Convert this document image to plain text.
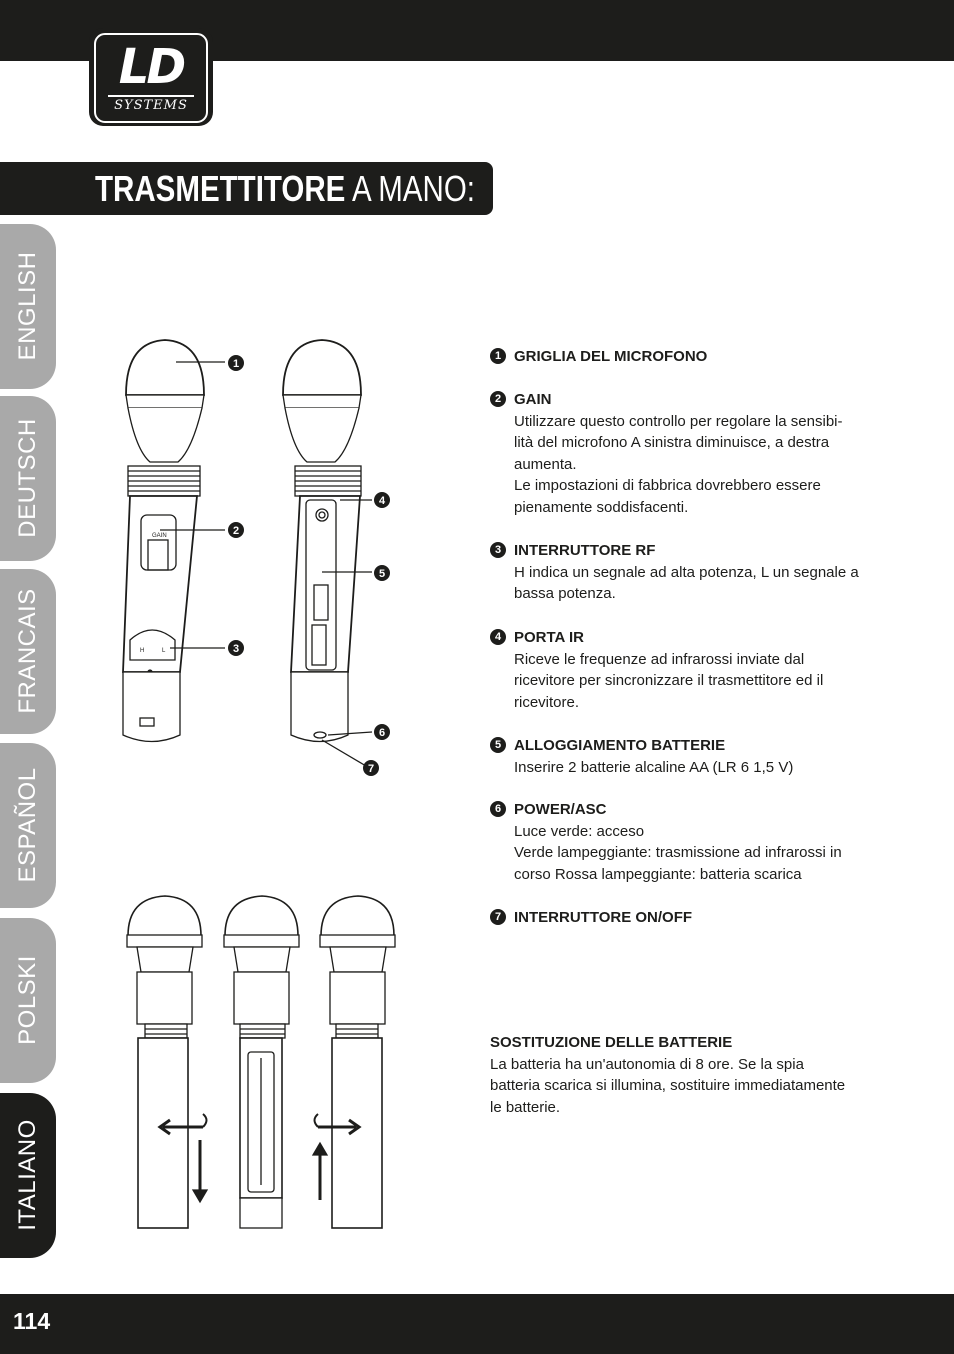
LD
SYSTEMS
TRASMETTITORE A MANO:
ENGLISH
DEUTSCH
FRANCAIS
ESPAÑOL
POLSKI
ITALIANO
GAIN
H	L
1
2
3
4
5
6
7
1 GRIGLIA DEL MICROFONO
2 GAIN
Utilizzare questo controllo per regolare la sensibi-
lità del microfono A sinistra diminuisce, a destra
aumenta.
Le impostazioni di fabbrica dovrebbero essere
pienamente soddisfacenti.
3 INTERRUTTORE RF
H indica un segnale ad alta potenza, L un segnale a
bassa potenza.
4 PORTA IR
Riceve le frequenze ad infrarossi inviate dal
ricevitore per sincronizzare il trasmettitore ed il
ricevitore.
5 ALLOGGIAMENTO BATTERIE
Inserire 2 batterie alcaline AA (LR 6 1,5 V)
6 POWER/ASC
Luce verde: acceso
Verde lampeggiante: trasmissione ad infrarossi in
corso Rossa lampeggiante: batteria scarica
7 INTERRUTTORE ON/OFF
SOSTITUZIONE DELLE BATTERIE
La batteria ha un'autonomia di 8 ore. Se la spia
batteria scarica si illumina, sostituire immediatamente
le batterie.
114
